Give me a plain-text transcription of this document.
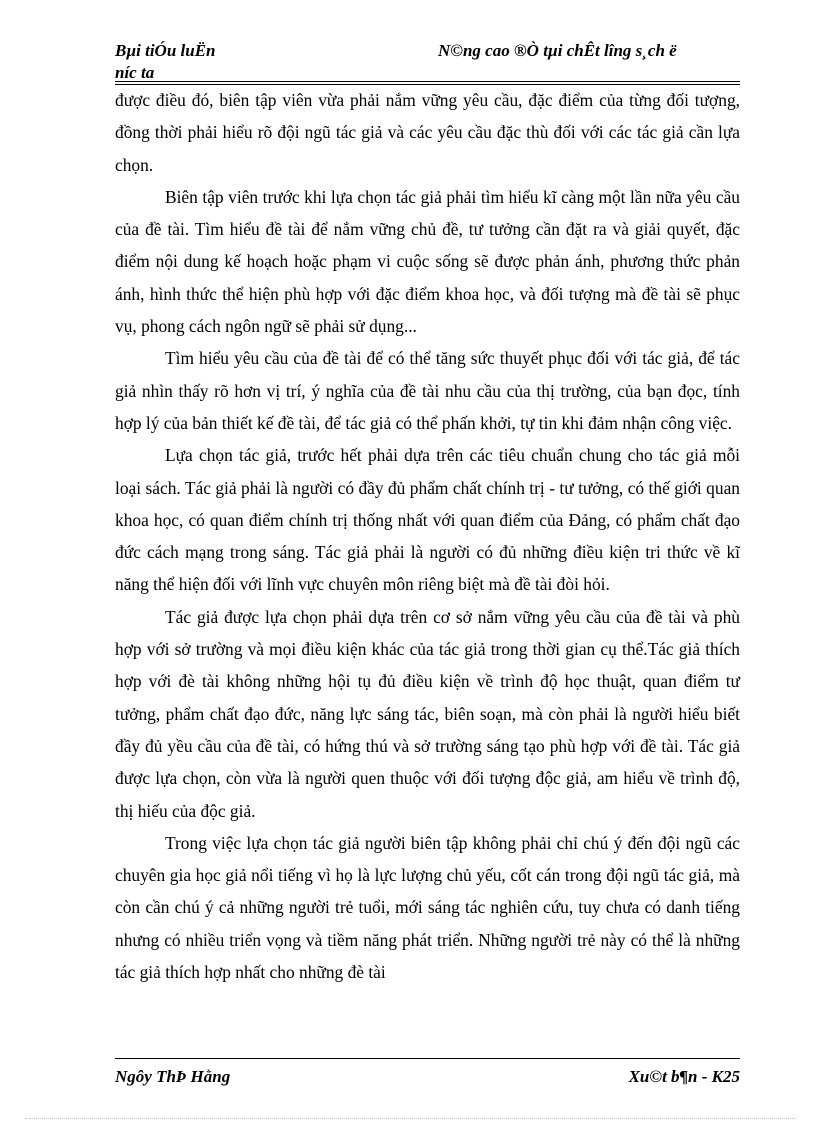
Bµi tiÓu luËn
níc ta
N©ng cao ®Ò tµi chÊt lîng s¸ch ë

được điều đó, biên tập viên vừa phải nắm vững yêu cầu, đặc điểm của từng đối tượng, đồng thời phải hiểu rõ đội ngũ tác giả và các yêu cầu đặc thù đối với các tác giả cần lựa chọn.

Biên tập viên trước khi lựa chọn tác giả phải tìm hiểu kĩ càng một lần nữa yêu cầu của đề tài. Tìm hiểu đề tài để nắm vững chủ đề, tư tưởng cần đặt ra và giải quyết, đặc điểm nội dung kế hoạch hoặc phạm vi cuộc sống sẽ được phản ánh, phương thức phản ánh, hình thức thể hiện phù hợp với đặc điểm khoa học, và đối tượng mà đề tài sẽ phục vụ, phong cách ngôn ngữ sẽ phải sử dụng...

Tìm hiểu yêu cầu của đề tài để có thể tăng sức thuyết phục đối với tác giả, để tác giả nhìn thấy rõ hơn vị trí, ý nghĩa của đề tài nhu cầu của thị trường, của bạn đọc, tính hợp lý của bản thiết kế đề tài, để tác giả có thể phấn khởi, tự tin khi đảm nhận công việc.

Lựa chọn tác giả, trước hết phải dựa trên các tiêu chuẩn chung cho tác giả mỗi loại sách. Tác giả phải là người có đầy đủ phẩm chất chính trị - tư tưởng, có thế giới quan khoa học, có quan điểm chính trị thống nhất với quan điểm của Đảng, có phẩm chất đạo đức cách mạng trong sáng. Tác giả phải là người có đủ những điều kiện tri thức về kĩ năng thể hiện đối với lĩnh vực chuyên môn riêng biệt mà đề tài đòi hỏi.

Tác giả được lựa chọn phải dựa trên cơ sở nắm vững yêu cầu của đề tài và phù hợp với sở trường và mọi điều kiện khác của tác giả trong thời gian cụ thể.Tác giả thích hợp với đè tài không những hội tụ đủ điều kiện về trình độ học thuật, quan điểm tư tưởng, phẩm chất đạo đức, năng lực sáng tác, biên soạn, mà còn phải là người hiểu biết đầy đủ yều cầu của đề tài, có hứng thú và sở trường sáng tạo phù hợp với đề tài. Tác giả được lựa chọn, còn vừa là người quen thuộc với đối tượng độc giả, am hiểu về trình độ, thị hiếu của độc giả.

Trong việc lựa chọn tác giả người biên tập không phải chỉ chú ý đến đội ngũ các chuyên gia học giả nổi tiếng vì họ là lực lượng chủ yếu, cốt cán trong đội ngũ tác giả, mà còn cần chú ý cả những người trẻ tuổi, mới sáng tác nghiên cứu, tuy chưa có danh tiếng nhưng có nhiều triển vọng và tiềm năng phát triển. Những người trẻ này có thể là những tác giả thích hợp nhất cho những đè tài

Ngôy ThÞ Hằng	Xu©t b¶n - K25
